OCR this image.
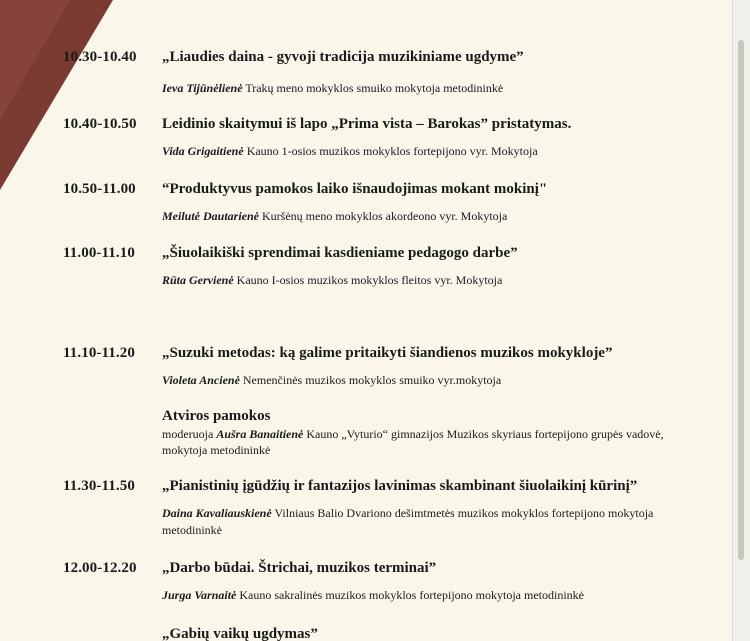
10.30-10.40 „Liaudies daina - gyvoji tradicija muzikiniame ugdyme”
Ieva Tijūnėlienė Trakų meno mokyklos smuiko mokytoja metodininkė
10.40-10.50 Leidinio skaitymui iš lapo „Prima vista – Barokas” pristatymas.
Vida Grigaitienė Kauno 1-osios muzikos mokyklos fortepijono vyr. Mokytoja
10.50-11.00 “Produktyvus pamokos laiko išnaudojimas mokant mokinį"
Meilutė Dautarienė Kuršėnų meno mokyklos akordeono vyr. Mokytoja
11.00-11.10 „Šiuolaikiški sprendimai kasdieniame pedagogo darbe”
Rūta Gervienė Kauno I-osios muzikos mokyklos fleitos vyr. Mokytoja
11.10-11.20 „Suzuki metodas: ką galime pritaikyti šiandienos muzikos mokykloje”
Violeta Ancienė Nemenčinės muzikos mokyklos smuiko vyr.mokytoja
Atviros pamokos
moderuoja Aušra Banaitienė Kauno „Vyturio“ gimnazijos Muzikos skyriaus fortepijono grupės vadovė, mokytoja metodininkė
11.30-11.50 „Pianistinių įgūdžių ir fantazijos lavinimas skambinant šiuolaikinį kūrinį”
Daina Kavaliauskienė Vilniaus Balio Dvariono dešimtmetės muzikos mokyklos fortepijono mokytoja metodininkė
12.00-12.20 „Darbo būdai. Štrichai, muzikos terminai”
Jurga Varnaitė Kauno sakralinės muzikos mokyklos fortepijono mokytoja metodininkė
„Gabių vaikų ugdymas”
